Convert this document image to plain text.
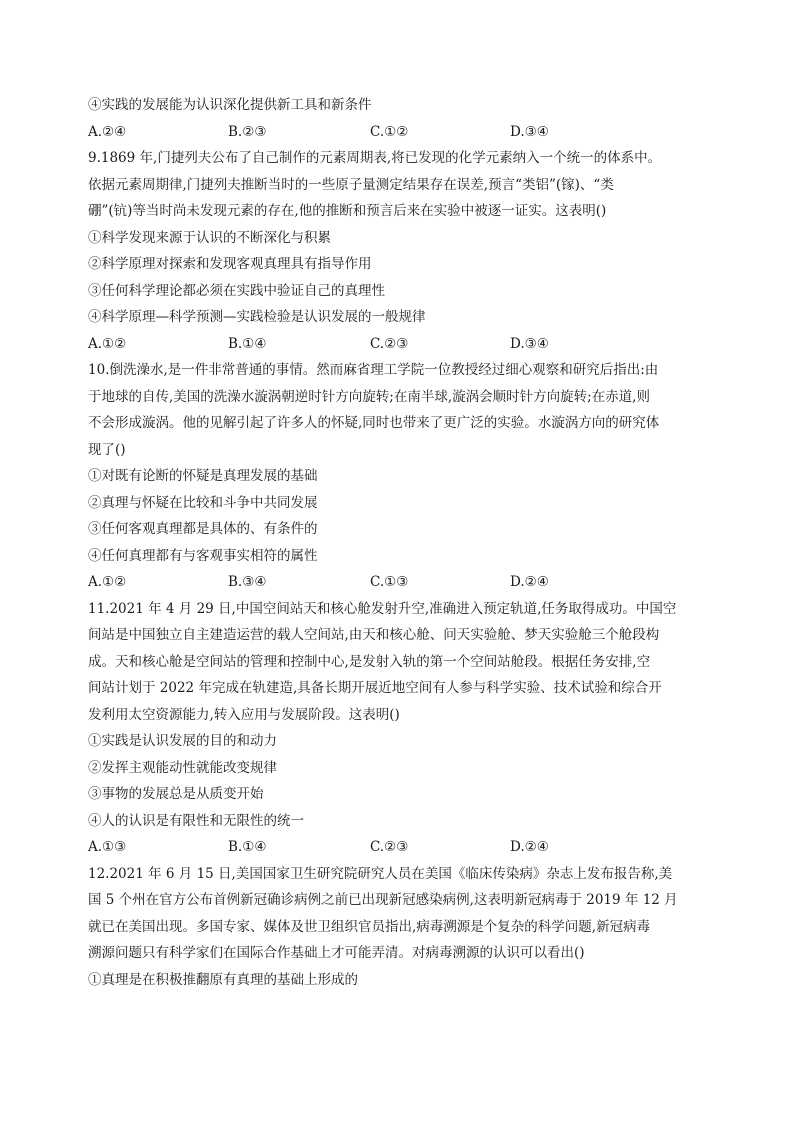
④实践的发展能为认识深化提供新工具和新条件
A.②④	B.②③	C.①②	D.③④
9.1869 年,门捷列夫公布了自己制作的元素周期表,将已发现的化学元素纳入一个统一的体系中。
依据元素周期律,门捷列夫推断当时的一些原子量测定结果存在误差,预言“类铝”(镓)、“类
硼”(钪)等当时尚未发现元素的存在,他的推断和预言后来在实验中被逐一证实。这表明()
①科学发现来源于认识的不断深化与积累
②科学原理对探索和发现客观真理具有指导作用
③任何科学理论都必须在实践中验证自己的真理性
④科学原理—科学预测—实践检验是认识发展的一般规律
A.①②	B.①④	C.②③	D.③④
10.倒洗澡水,是一件非常普通的事情。然而麻省理工学院一位教授经过细心观察和研究后指出:由
于地球的自传,美国的洗澡水漩涡朝逆时针方向旋转;在南半球,漩涡会顺时针方向旋转;在赤道,则
不会形成漩涡。他的见解引起了许多人的怀疑,同时也带来了更广泛的实验。水漩涡方向的研究体
现了()
①对既有论断的怀疑是真理发展的基础
②真理与怀疑在比较和斗争中共同发展
③任何客观真理都是具体的、有条件的
④任何真理都有与客观事实相符的属性
A.①②	B.③④	C.①③	D.②④
11.2021 年 4 月 29 日,中国空间站天和核心舱发射升空,准确进入预定轨道,任务取得成功。中国空
间站是中国独立自主建造运营的载人空间站,由天和核心舱、问天实验舱、梦天实验舱三个舱段构
成。天和核心舱是空间站的管理和控制中心,是发射入轨的第一个空间站舱段。根据任务安排,空
间站计划于 2022 年完成在轨建造,具备长期开展近地空间有人参与科学实验、技术试验和综合开
发利用太空资源能力,转入应用与发展阶段。这表明()
①实践是认识发展的目的和动力
②发挥主观能动性就能改变规律
③事物的发展总是从质变开始
④人的认识是有限性和无限性的统一
A.①③	B.①④	C.②③	D.②④
12.2021 年 6 月 15 日,美国国家卫生研究院研究人员在美国《临床传染病》杂志上发布报告称,美
国 5 个州在官方公布首例新冠确诊病例之前已出现新冠感染病例,这表明新冠病毒于 2019 年 12 月
就已在美国出现。多国专家、媒体及世卫组织官员指出,病毒溯源是个复杂的科学问题,新冠病毒
溯源问题只有科学家们在国际合作基础上才可能弄清。对病毒溯源的认识可以看出()
①真理是在积极推翻原有真理的基础上形成的
